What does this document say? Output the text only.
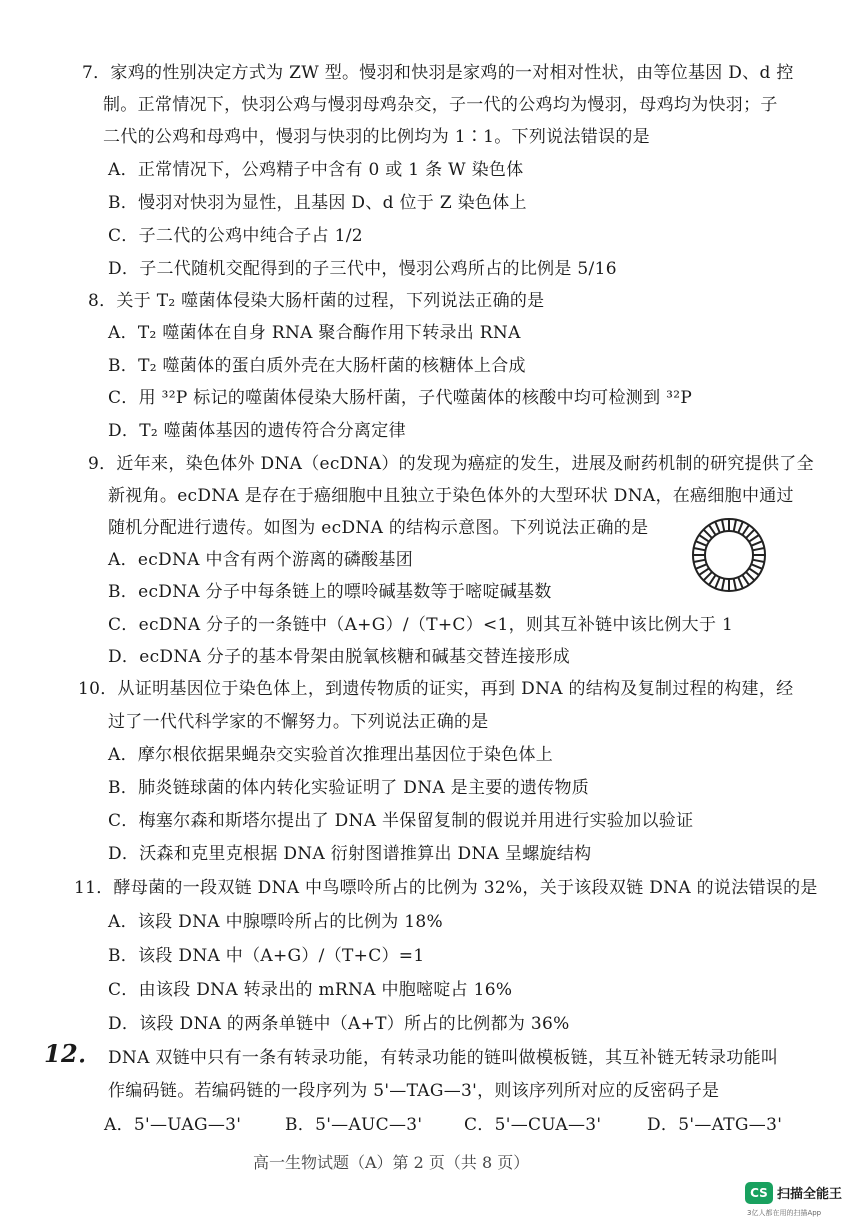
7．家鸡的性别决定方式为 ZW 型。慢羽和快羽是家鸡的一对相对性状，由等位基因 D、d 控
制。正常情况下，快羽公鸡与慢羽母鸡杂交，子一代的公鸡均为慢羽，母鸡均为快羽；子
二代的公鸡和母鸡中，慢羽与快羽的比例均为 1∶1。下列说法错误的是
A．正常情况下，公鸡精子中含有 0 或 1 条 W 染色体
B．慢羽对快羽为显性，且基因 D、d 位于 Z 染色体上
C．子二代的公鸡中纯合子占 1/2
D．子二代随机交配得到的子三代中，慢羽公鸡所占的比例是 5/16
8．关于 T₂ 噬菌体侵染大肠杆菌的过程，下列说法正确的是
A．T₂ 噬菌体在自身 RNA 聚合酶作用下转录出 RNA
B．T₂ 噬菌体的蛋白质外壳在大肠杆菌的核糖体上合成
C．用 ³²P 标记的噬菌体侵染大肠杆菌，子代噬菌体的核酸中均可检测到 ³²P
D．T₂ 噬菌体基因的遗传符合分离定律
9．近年来，染色体外 DNA（ecDNA）的发现为癌症的发生，进展及耐药机制的研究提供了全
新视角。ecDNA 是存在于癌细胞中且独立于染色体外的大型环状 DNA，在癌细胞中通过
随机分配进行遗传。如图为 ecDNA 的结构示意图。下列说法正确的是
A．ecDNA 中含有两个游离的磷酸基团
B．ecDNA 分子中每条链上的嘌呤碱基数等于嘧啶碱基数
C．ecDNA 分子的一条链中（A+G）/（T+C）<1，则其互补链中该比例大于 1
D．ecDNA 分子的基本骨架由脱氧核糖和碱基交替连接形成
10．从证明基因位于染色体上，到遗传物质的证实，再到 DNA 的结构及复制过程的构建，经
过了一代代科学家的不懈努力。下列说法正确的是
A．摩尔根依据果蝇杂交实验首次推理出基因位于染色体上
B．肺炎链球菌的体内转化实验证明了 DNA 是主要的遗传物质
C．梅塞尔森和斯塔尔提出了 DNA 半保留复制的假说并用进行实验加以验证
D．沃森和克里克根据 DNA 衍射图谱推算出 DNA 呈螺旋结构
11．酵母菌的一段双链 DNA 中鸟嘌呤所占的比例为 32%，关于该段双链 DNA 的说法错误的是
A．该段 DNA 中腺嘌呤所占的比例为 18%
B．该段 DNA 中（A+G）/（T+C）=1
C．由该段 DNA 转录出的 mRNA 中胞嘧啶占 16%
D．该段 DNA 的两条单链中（A+T）所占的比例都为 36%
12． DNA 双链中只有一条有转录功能，有转录功能的链叫做模板链，其互补链无转录功能叫
作编码链。若编码链的一段序列为 5'—TAG—3'，则该序列所对应的反密码子是
A．5'—UAG—3'	B．5'—AUC—3' C．5'—CUA—3'	D．5'—ATG—3'
高一生物试题（A）第 2 页（共 8 页）
CS 扫描全能王
3亿人都在用的扫描App
